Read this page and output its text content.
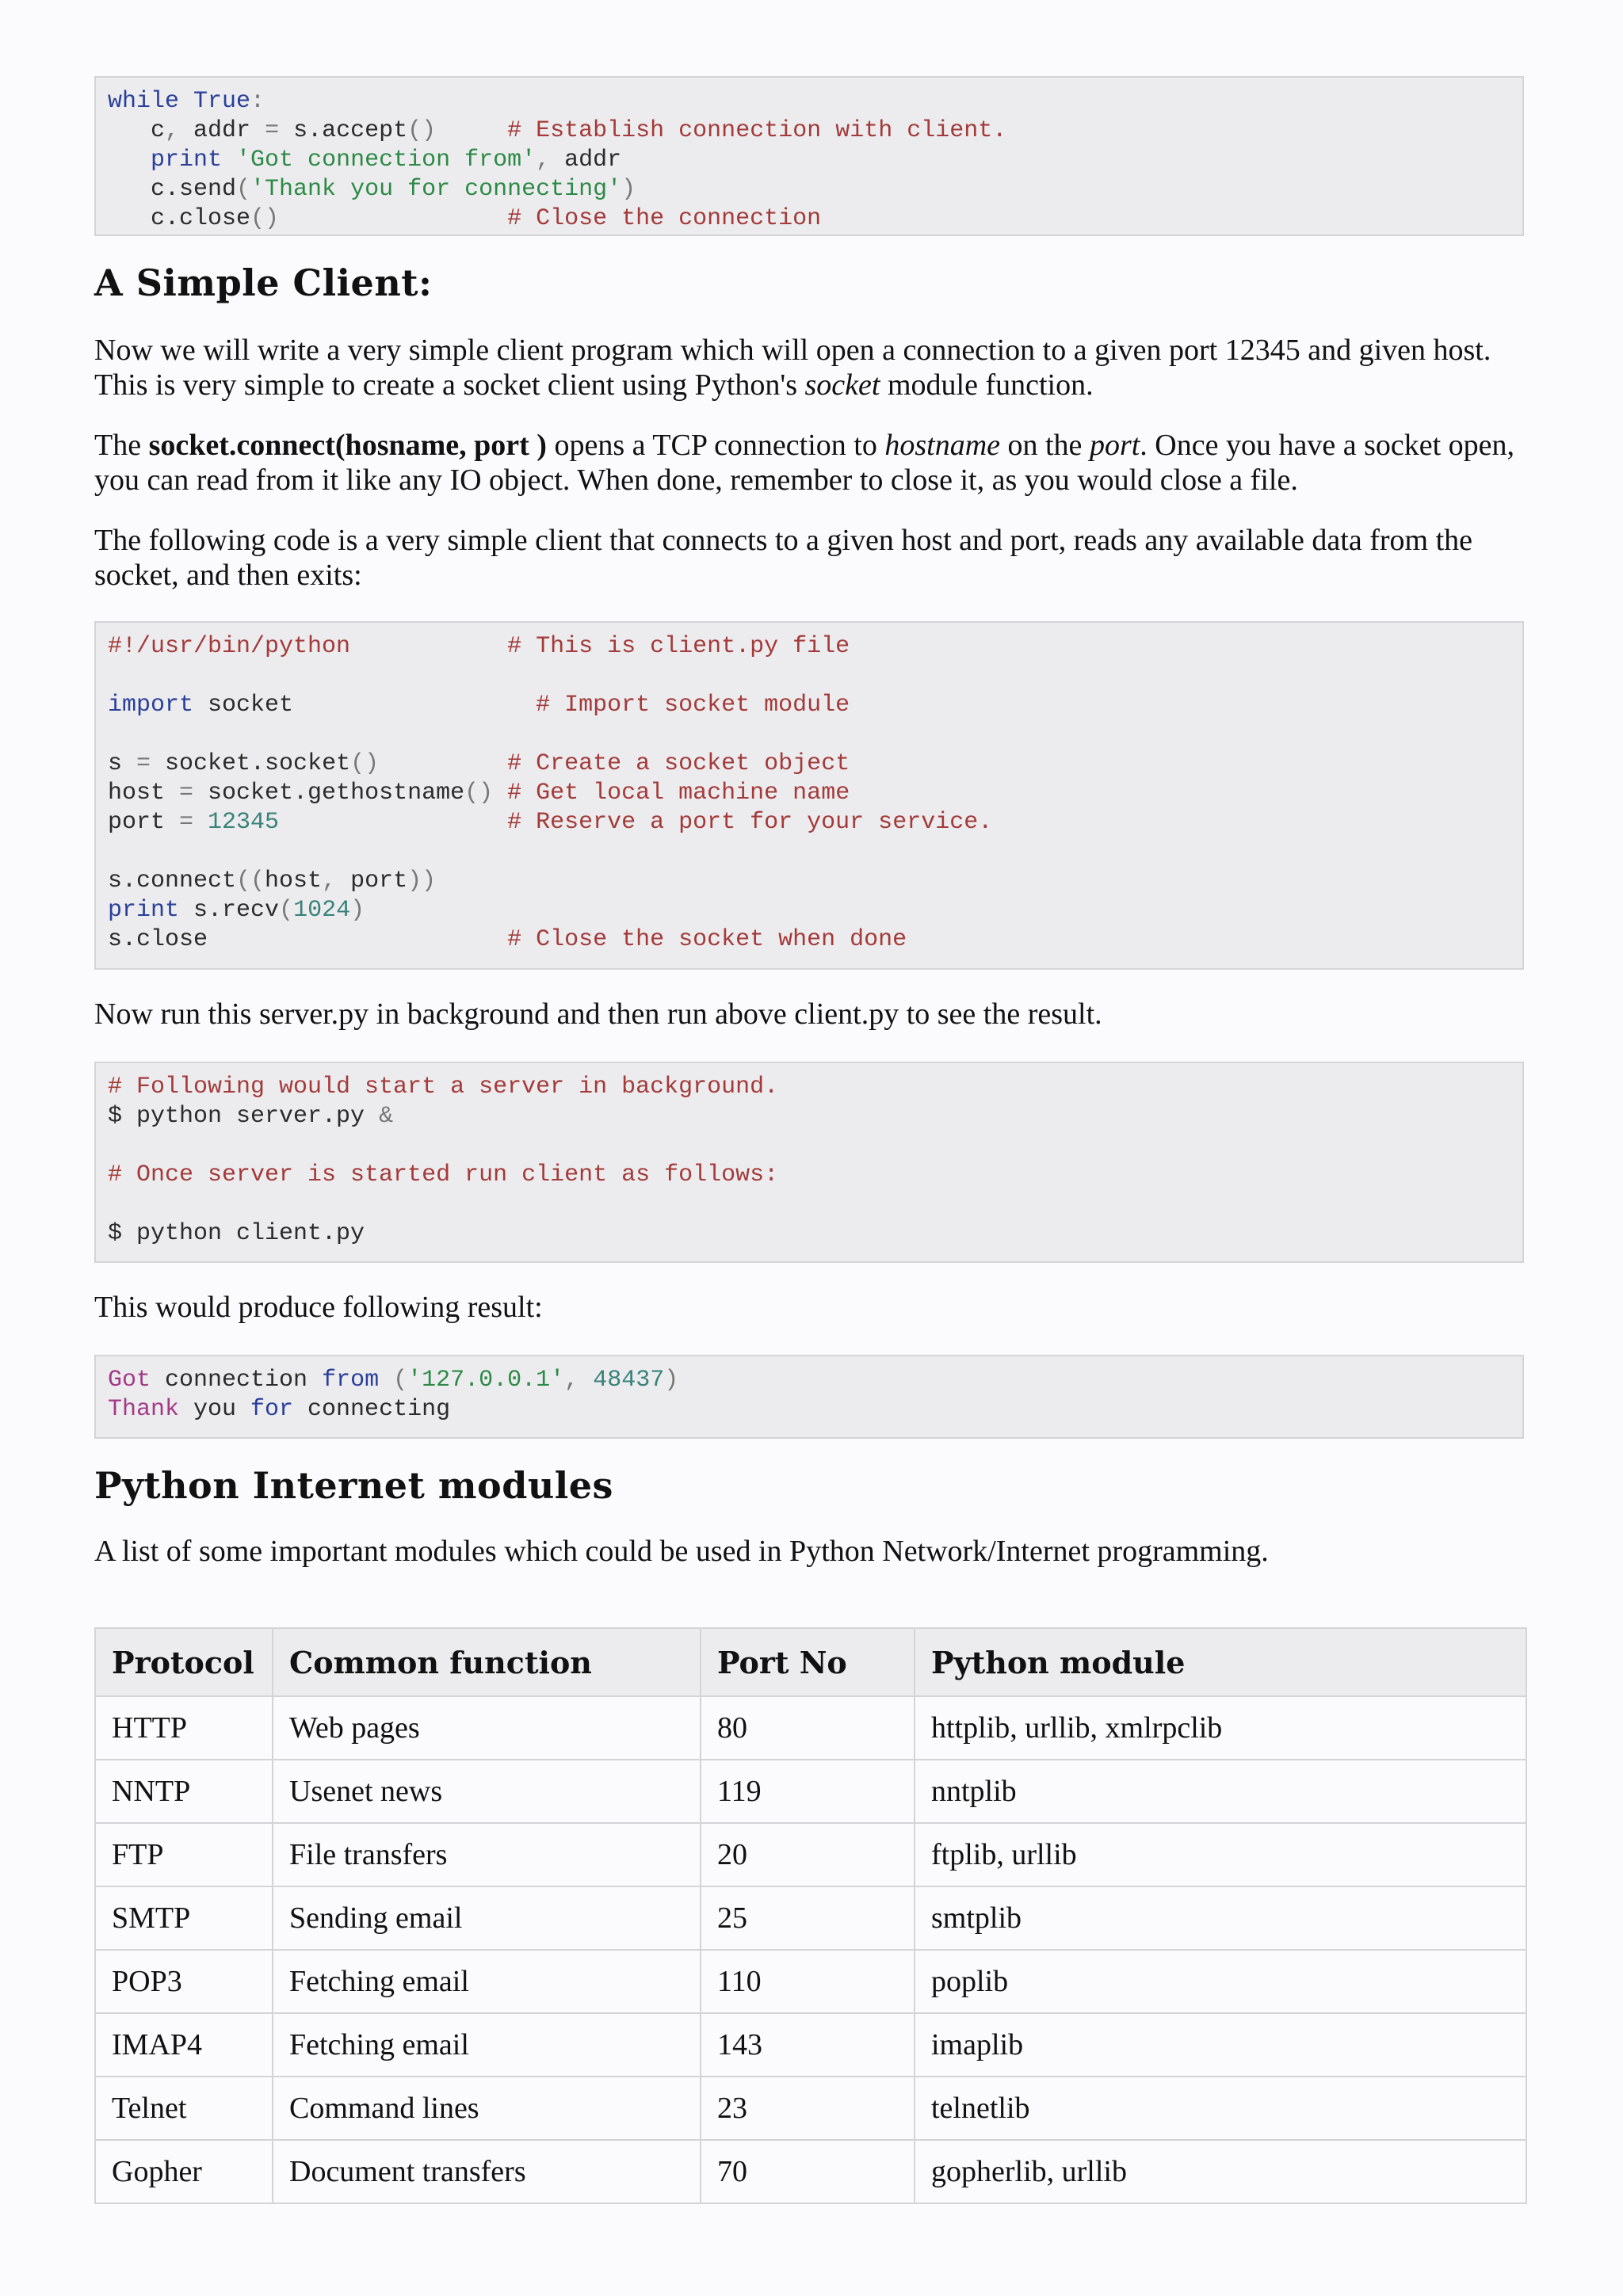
while True:
c, addr = s.accept()	# Establish connection with client.
print 'Got connection from', addr
c.send('Thank you for connecting')
c.close()	# Close the connection
A Simple Client:

Now we will write a very simple client program which will open a connection to a given port 12345 and given host. This is very simple to create a socket client using Python's socket module function.

The socket.connect(hosname, port ) opens a TCP connection to hostname on the port. Once you have a socket open, you can read from it like any IO object. When done, remember to close it, as you would close a file.

The following code is a very simple client that connects to a given host and port, reads any available data from the socket, and then exits:

#!/usr/bin/python	# This is client.py file
import socket                 # Import socket module
s = socket.socket()	# Create a socket object
host = socket.gethostname() # Get local machine name
port = 12345	# Reserve a port for your service.
s.connect((host, port))
print s.recv(1024)
s.close                     # Close the socket when done

Now run this server.py in background and then run above client.py to see the result.

# Following would start a server in background.
$ python server.py &
# Once server is started run client as follows:
$ python client.py

This would produce following result:

Got connection from ('127.0.0.1', 48437)
Thank you for connecting
Python Internet modules

A list of some important modules which could be used in Python Network/Internet programming.

Protocol	Common function	Port No	Python module
HTTP	Web pages	80	httplib, urllib, xmlrpclib
NNTP	Usenet news	119	nntplib
FTP	File transfers	20	ftplib, urllib
SMTP	Sending email	25	smtplib
POP3	Fetching email	110	poplib
IMAP4	Fetching email	143	imaplib
Telnet	Command lines	23	telnetlib
Gopher	Document transfers	70	gopherlib, urllib
